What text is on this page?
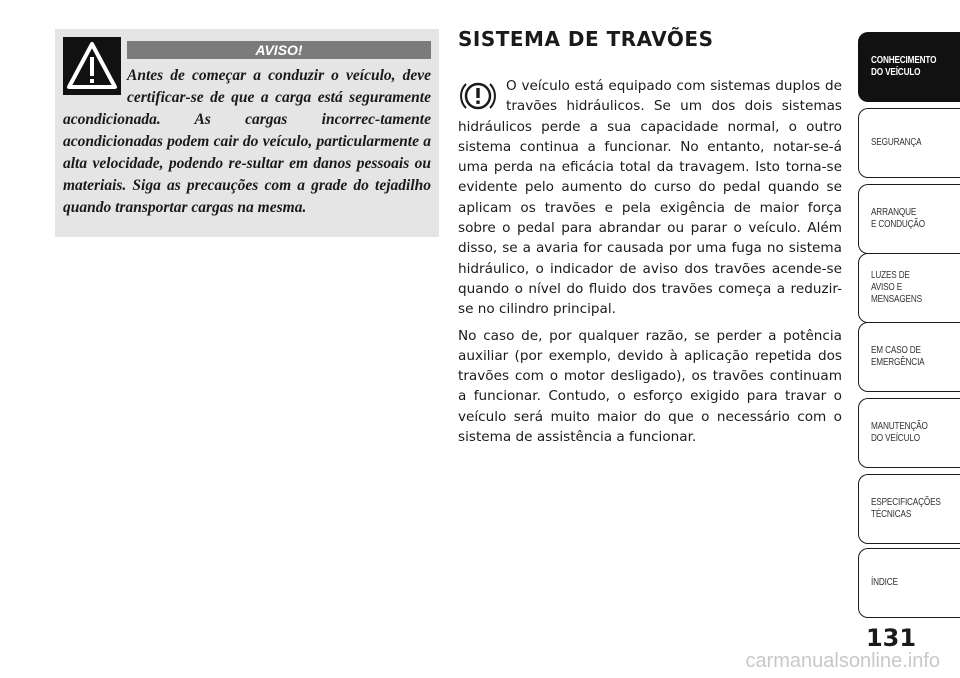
AVISO!

Antes de começar a conduzir o veículo, deve certificar-se de que a carga está seguramente acondicionada. As cargas incorrec-tamente acondicionadas podem cair do veículo, particularmente a alta velocidade, podendo re-sultar em danos pessoais ou materiais. Siga as precauções com a grade do tejadilho quando transportar cargas na mesma.

SISTEMA DE TRAVÕES

O veículo está equipado com sistemas duplos de travões hidráulicos. Se um dos dois sistemas hidráulicos perde a sua capacidade normal, o outro sistema continua a funcionar. No entanto, notar-se-á uma perda na eficácia total da travagem. Isto torna-se evidente pelo aumento do curso do pedal quando se aplicam os travões e pela exigência de maior força sobre o pedal para abrandar ou parar o veículo. Além disso, se a avaria for causada por uma fuga no sistema hidráulico, o indicador de aviso dos travões acende-se quando o nível do fluido dos travões começa a reduzir-se no cilindro principal.

No caso de, por qualquer razão, se perder a potência auxiliar (por exemplo, devido à aplicação repetida dos travões com o motor desligado), os travões continuam a funcionar. Contudo, o esforço exigido para travar o veículo será muito maior do que o necessário com o sistema de assistência a funcionar.

CONHECIMENTO
DO VEÍCULO
SEGURANÇA
ARRANQUE
E CONDUÇÃO
LUZES DE
AVISO E
MENSAGENS
EM CASO DE
EMERGÊNCIA
MANUTENÇÃO
DO VEÍCULO
ESPECIFICAÇÕES
TÉCNICAS
ÍNDICE
131
carmanualsonline.info
